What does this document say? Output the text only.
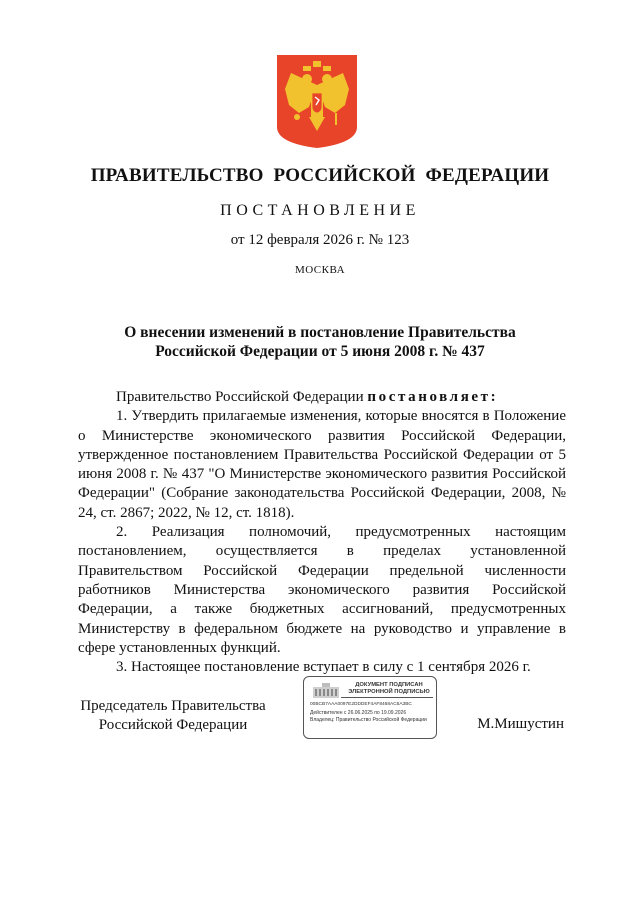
ПРАВИТЕЛЬСТВО  РОССИЙСКОЙ  ФЕДЕРАЦИИ
ПОСТАНОВЛЕНИЕ
от 12 февраля 2026 г. № 123
МОСКВА
О внесении изменений в постановление Правительства
Российской Федерации от 5 июня 2008 г. № 437

Правительство Российской Федерации постановляет:

1. Утвердить прилагаемые изменения, которые вносятся в Положение о Министерстве экономического развития Российской Федерации, утвержденное постановлением Правительства Российской Федерации от 5 июня 2008 г. № 437 "О Министерстве экономического развития Российской Федерации" (Собрание законодательства Российской Федерации, 2008, № 24, ст. 2867; 2022, № 12, ст. 1818).

2. Реализация полномочий, предусмотренных настоящим постановлением, осуществляется в пределах установленной Правительством Российской Федерации предельной численности работников Министерства экономического развития Российской Федерации, а также бюджетных ассигнований, предусмотренных Министерству в федеральном бюджете на руководство и управление в сфере установленных функций.

3. Настоящее постановление вступает в силу с 1 сентября 2026 г.

Председатель Правительства
Российской Федерации
ДОКУМЕНТ ПОДПИСАН
ЭЛЕКТРОННОЙ ПОДПИСЬЮ
00BCB7AAA0097E2DDDEF4AF8468AC6A3BC
Действителен с 26.06.2025 по 19.09.2026
Владелец: Правительство Российской Федерации	М.Мишустин
